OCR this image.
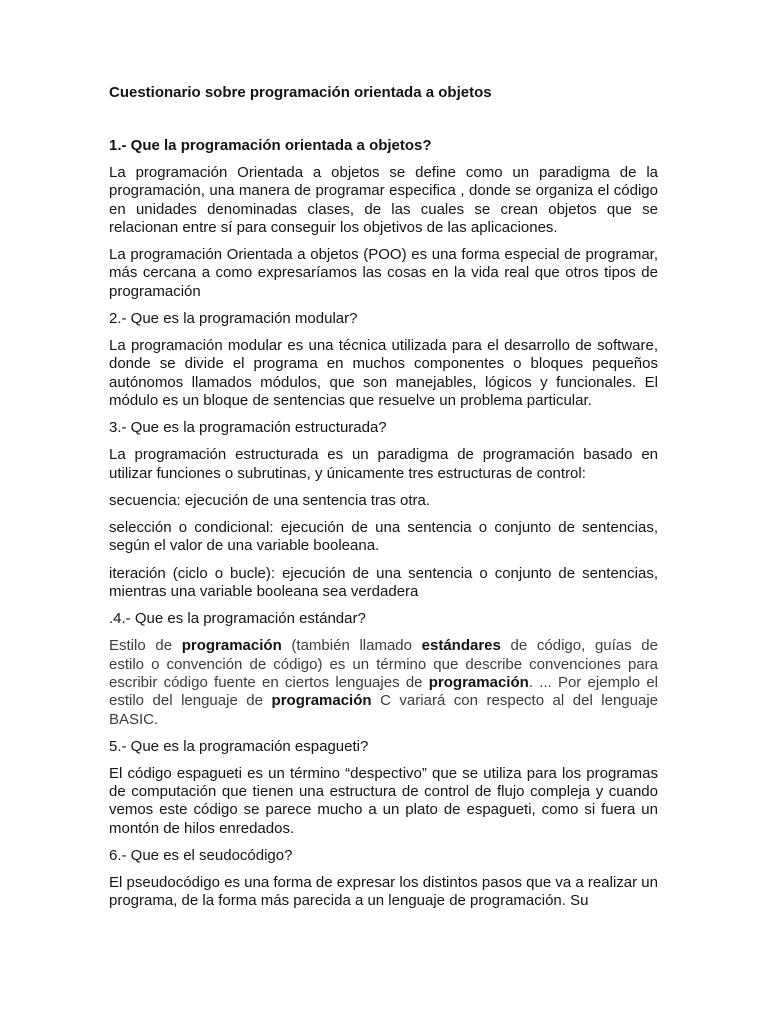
Cuestionario sobre programación orientada a objetos
1.- Que la programación orientada a objetos?
La programación Orientada a objetos se define como un paradigma de la programación, una manera de programar especifica , donde se organiza el código en unidades denominadas clases, de las cuales se crean objetos que se relacionan entre sí para conseguir los objetivos de las aplicaciones.
La programación Orientada a objetos (POO) es una forma especial de programar, más cercana a como expresaríamos las cosas en la vida real que otros tipos de programación
2.- Que es la programación modular?
La programación modular es una técnica utilizada para el desarrollo de software, donde se divide el programa en muchos componentes o bloques pequeños autónomos llamados módulos, que son manejables, lógicos y funcionales. El módulo es un bloque de sentencias que resuelve un problema particular.
3.- Que es la programación estructurada?
La programación estructurada es un paradigma de programación basado en utilizar funciones o subrutinas, y únicamente tres estructuras de control:
secuencia: ejecución de una sentencia tras otra.
selección o condicional: ejecución de una sentencia o conjunto de sentencias, según el valor de una variable booleana.
iteración (ciclo o bucle): ejecución de una sentencia o conjunto de sentencias, mientras una variable booleana sea verdadera
.4.- Que es la programación estándar?
Estilo de programación (también llamado estándares de código, guías de estilo o convención de código) es un término que describe convenciones para escribir código fuente en ciertos lenguajes de programación. ... Por ejemplo el estilo del lenguaje de programación C variará con respecto al del lenguaje BASIC.
5.- Que es la programación espagueti?
El código espagueti es un término “despectivo” que se utiliza para los programas de computación que tienen una estructura de control de flujo compleja y cuando vemos este código se parece mucho a un plato de espagueti, como si fuera un montón de hilos enredados.
6.- Que es el seudocódigo?
El pseudocódigo es una forma de expresar los distintos pasos que va a realizar un programa, de la forma más parecida a un lenguaje de programación. Su
